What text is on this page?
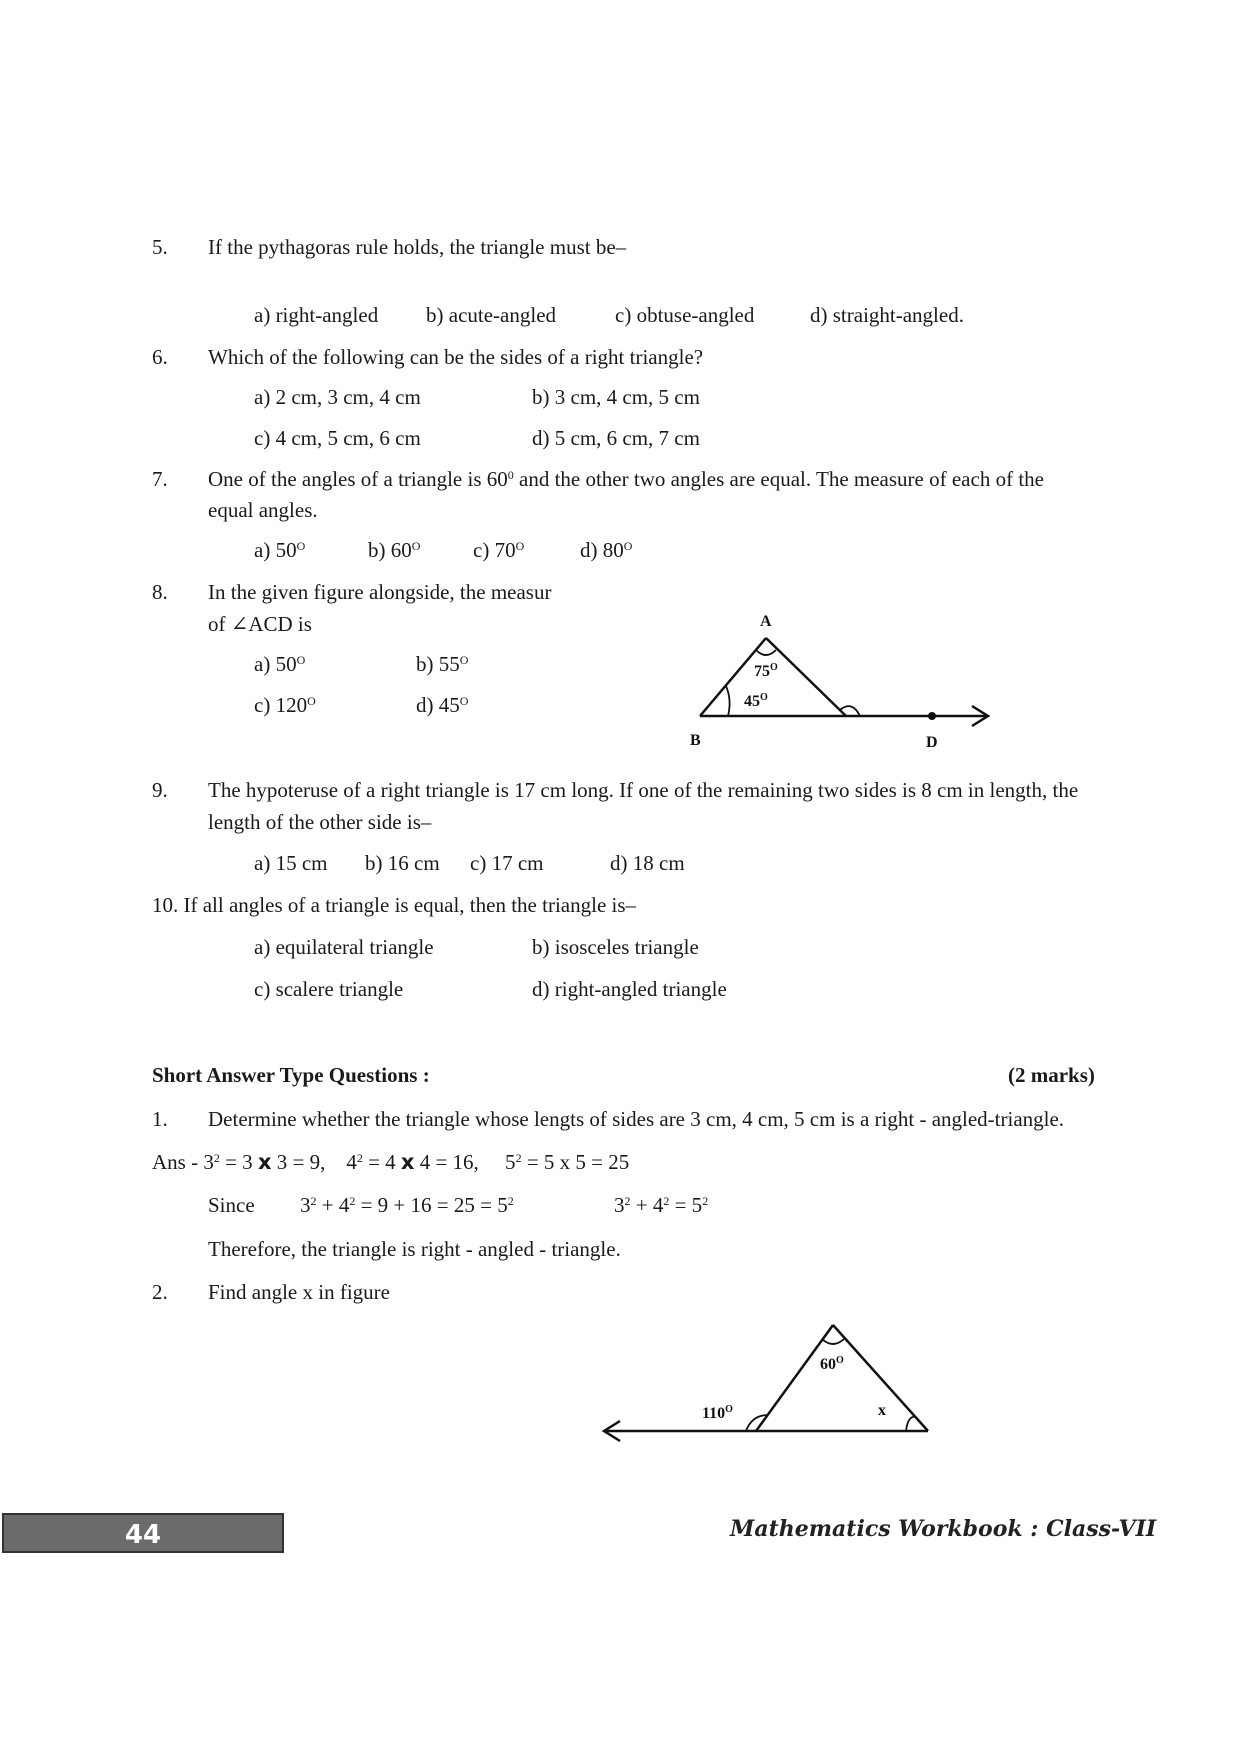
5. If the pythagoras rule holds, the triangle must be–
a) right-angled b) acute-angled	c) obtuse-angled	d) straight-angled.
6. Which of the following can be the sides of a right triangle?
a) 2 cm, 3 cm, 4 cm	b) 3 cm, 4 cm, 5 cm
c) 4 cm, 5 cm, 6 cm	d) 5 cm, 6 cm, 7 cm
7. One of the angles of a triangle is $60^0$ and the other two angles are equal. The measure of each of the
equal angles.
a) $50^O$	b) $60^O$	c) $70^O$	d) $80^O$
8. In the given figure alongside, the measur
of ∠ACD is
a) $50^O$	b) $55^O$
c) $120^O$	d) $45^O$
A
B	D
$75^O$
$45^O$
9. The hypoteruse of a right triangle is 17 cm long. If one of the remaining two sides is 8 cm in length, the
length of the other side is–
a) 15 cm b) 16 cm c) 17 cm	d) 18 cm
10. If all angles of a triangle is equal, then the triangle is–
a) equilateral triangle	b) isosceles triangle
c) scalere triangle	d) right-angled triangle
Short Answer Type Questions :	(2 marks)
1. Determine whether the triangle whose lengts of sides are 3 cm, 4 cm, 5 cm is a right - angled-triangle.
Ans - $3^2 = 3$ x 3 = 9,    $4^2 = 4$ x 4 = 16,     $5^2 = 5$ x 5 = 25
Since $3^2 + 4^2 = 9 + 16 = 25 = 5^2$	$3^2 + 4^2 = 5^2$
Therefore, the triangle is right - angled - triangle.
2. Find angle x in figure
$60^O$
$110^O$	x
44	Mathematics Workbook : Class-VII
